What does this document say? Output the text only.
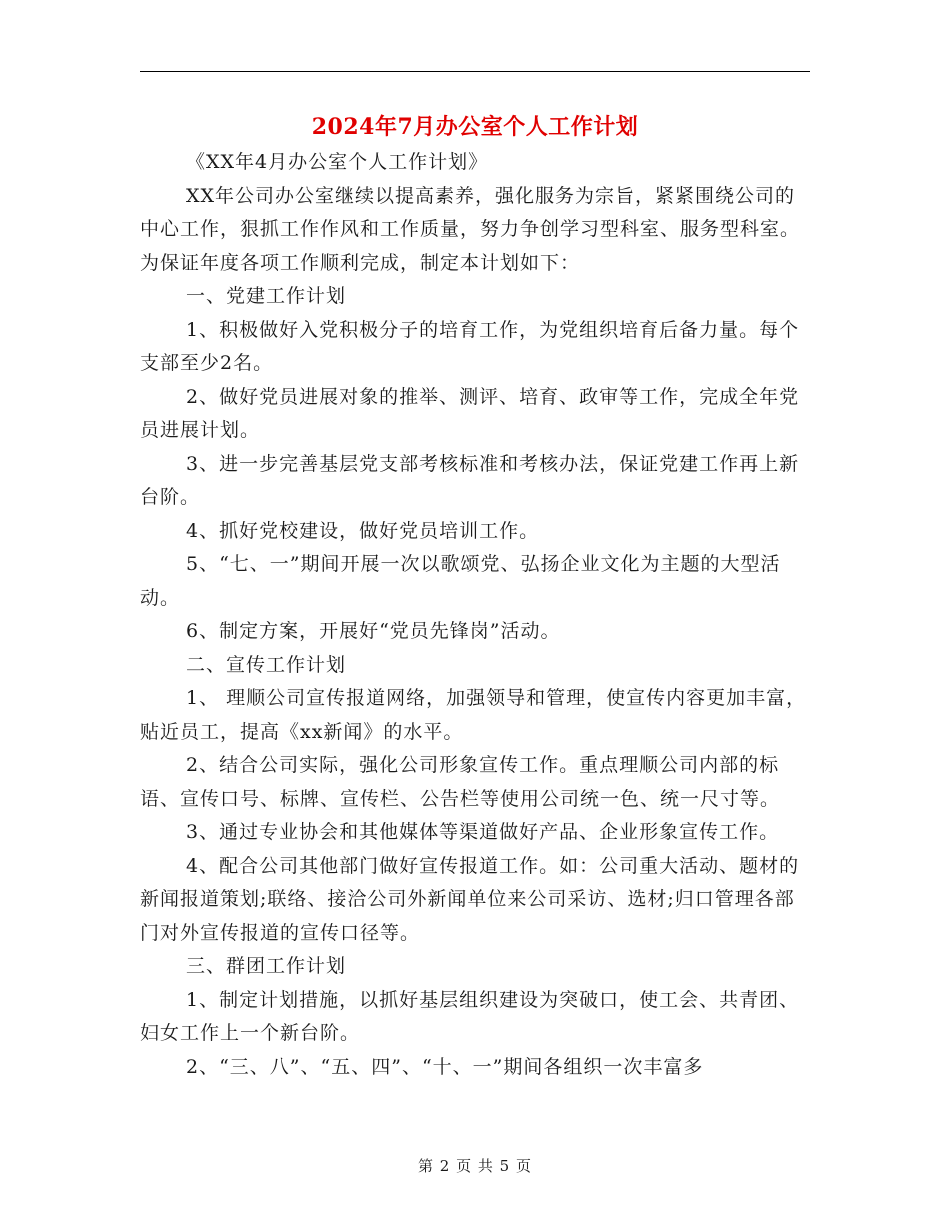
2024年7月办公室个人工作计划

《XX年4月办公室个人工作计划》

XX年公司办公室继续以提高素养，强化服务为宗旨，紧紧围绕公司的中心工作，狠抓工作作风和工作质量，努力争创学习型科室、服务型科室。为保证年度各项工作顺利完成，制定本计划如下：

一、党建工作计划

1、积极做好入党积极分子的培育工作，为党组织培育后备力量。每个支部至少2名。

2、做好党员进展对象的推举、测评、培育、政审等工作，完成全年党员进展计划。

3、进一步完善基层党支部考核标准和考核办法，保证党建工作再上新台阶。

4、抓好党校建设，做好党员培训工作。

5、“七、一”期间开展一次以歌颂党、弘扬企业文化为主题的大型活动。

6、制定方案，开展好“党员先锋岗”活动。

二、宣传工作计划

1、 理顺公司宣传报道网络，加强领导和管理，使宣传内容更加丰富，贴近员工，提高《xx新闻》的水平。

2、结合公司实际，强化公司形象宣传工作。重点理顺公司内部的标语、宣传口号、标牌、宣传栏、公告栏等使用公司统一色、统一尺寸等。

3、通过专业协会和其他媒体等渠道做好产品、企业形象宣传工作。

4、配合公司其他部门做好宣传报道工作。如：公司重大活动、题材的新闻报道策划;联络、接洽公司外新闻单位来公司采访、选材;归口管理各部门对外宣传报道的宣传口径等。

三、群团工作计划

1、制定计划措施，以抓好基层组织建设为突破口，使工会、共青团、妇女工作上一个新台阶。

2、“三、八”、“五、四”、“十、一”期间各组织一次丰富多

第 2 页 共 5 页
